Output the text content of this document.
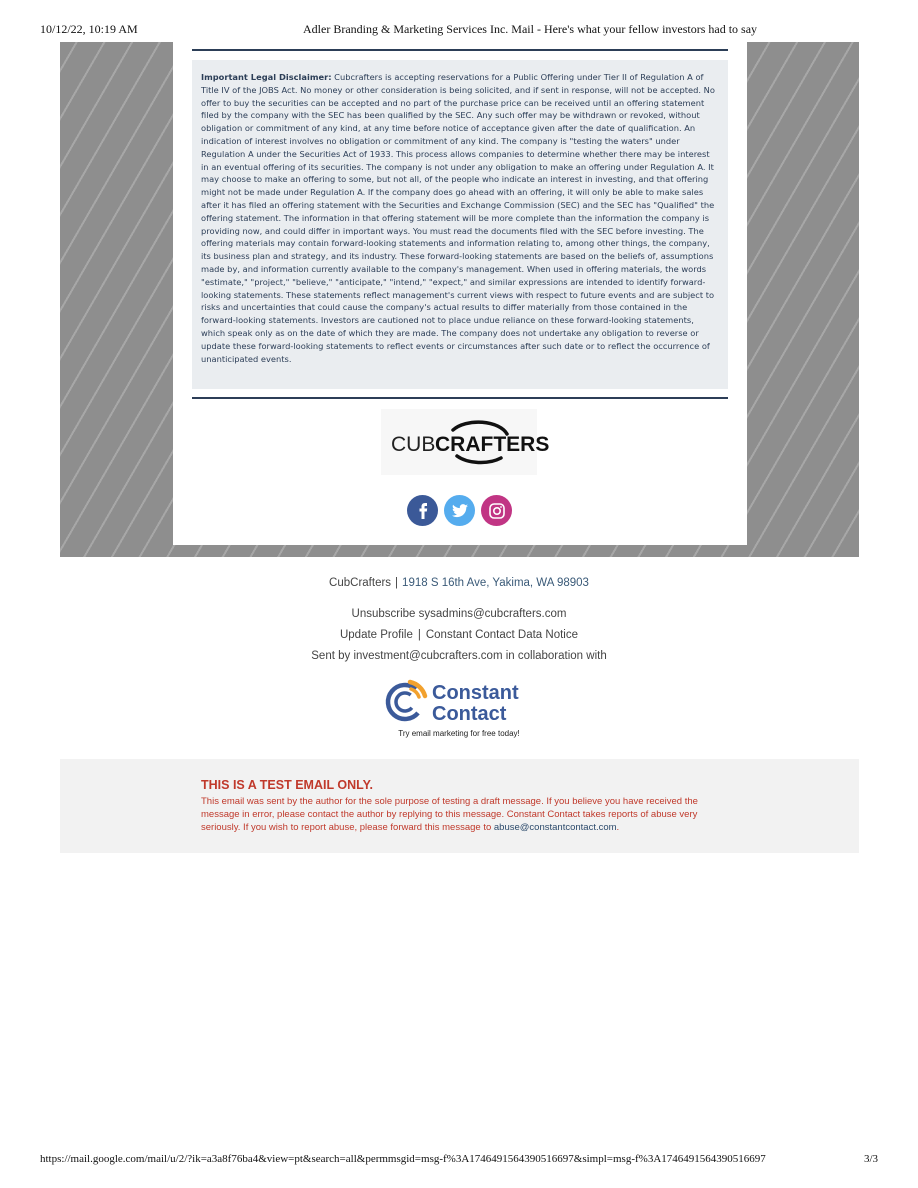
10/12/22, 10:19 AM	Adler Branding & Marketing Services Inc. Mail - Here's what your fellow investors had to say
Important Legal Disclaimer: Cubcrafters is accepting reservations for a Public Offering under Tier II of Regulation A of Title IV of the JOBS Act. No money or other consideration is being solicited, and if sent in response, will not be accepted. No offer to buy the securities can be accepted and no part of the purchase price can be received until an offering statement filed by the company with the SEC has been qualified by the SEC. Any such offer may be withdrawn or revoked, without obligation or commitment of any kind, at any time before notice of acceptance given after the date of qualification. An indication of interest involves no obligation or commitment of any kind. The company is "testing the waters" under Regulation A under the Securities Act of 1933. This process allows companies to determine whether there may be interest in an eventual offering of its securities. The company is not under any obligation to make an offering under Regulation A. It may choose to make an offering to some, but not all, of the people who indicate an interest in investing, and that offering might not be made under Regulation A. If the company does go ahead with an offering, it will only be able to make sales after it has filed an offering statement with the Securities and Exchange Commission (SEC) and the SEC has "Qualified" the offering statement. The information in that offering statement will be more complete than the information the company is providing now, and could differ in important ways. You must read the documents filed with the SEC before investing. The offering materials may contain forward-looking statements and information relating to, among other things, the company, its business plan and strategy, and its industry. These forward-looking statements are based on the beliefs of, assumptions made by, and information currently available to the company's management. When used in offering materials, the words "estimate," "project," "believe," "anticipate," "intend," "expect," and similar expressions are intended to identify forward-looking statements. These statements reflect management's current views with respect to future events and are subject to risks and uncertainties that could cause the company's actual results to differ materially from those contained in the forward-looking statements. Investors are cautioned not to place undue reliance on these forward-looking statements, which speak only as on the date of which they are made. The company does not undertake any obligation to reverse or update these forward-looking statements to reflect events or circumstances after such date or to reflect the occurrence of unanticipated events.
CUB CRAFTERS
CubCrafters | 1918 S 16th Ave, Yakima, WA 98903
Unsubscribe sysadmins@cubcrafters.com
Update Profile | Constant Contact Data Notice
Sent by investment@cubcrafters.com in collaboration with
Constant
Contact
Try email marketing for free today!
THIS IS A TEST EMAIL ONLY.
This email was sent by the author for the sole purpose of testing a draft message. If you believe you have received the message in error, please contact the author by replying to this message. Constant Contact takes reports of abuse very seriously. If you wish to report abuse, please forward this message to abuse@constantcontact.com.
https://mail.google.com/mail/u/2/?ik=a3a8f76ba4&view=pt&search=all&permmsgid=msg-f%3A1746491564390516697&simpl=msg-f%3A1746491564390516697	3/3
